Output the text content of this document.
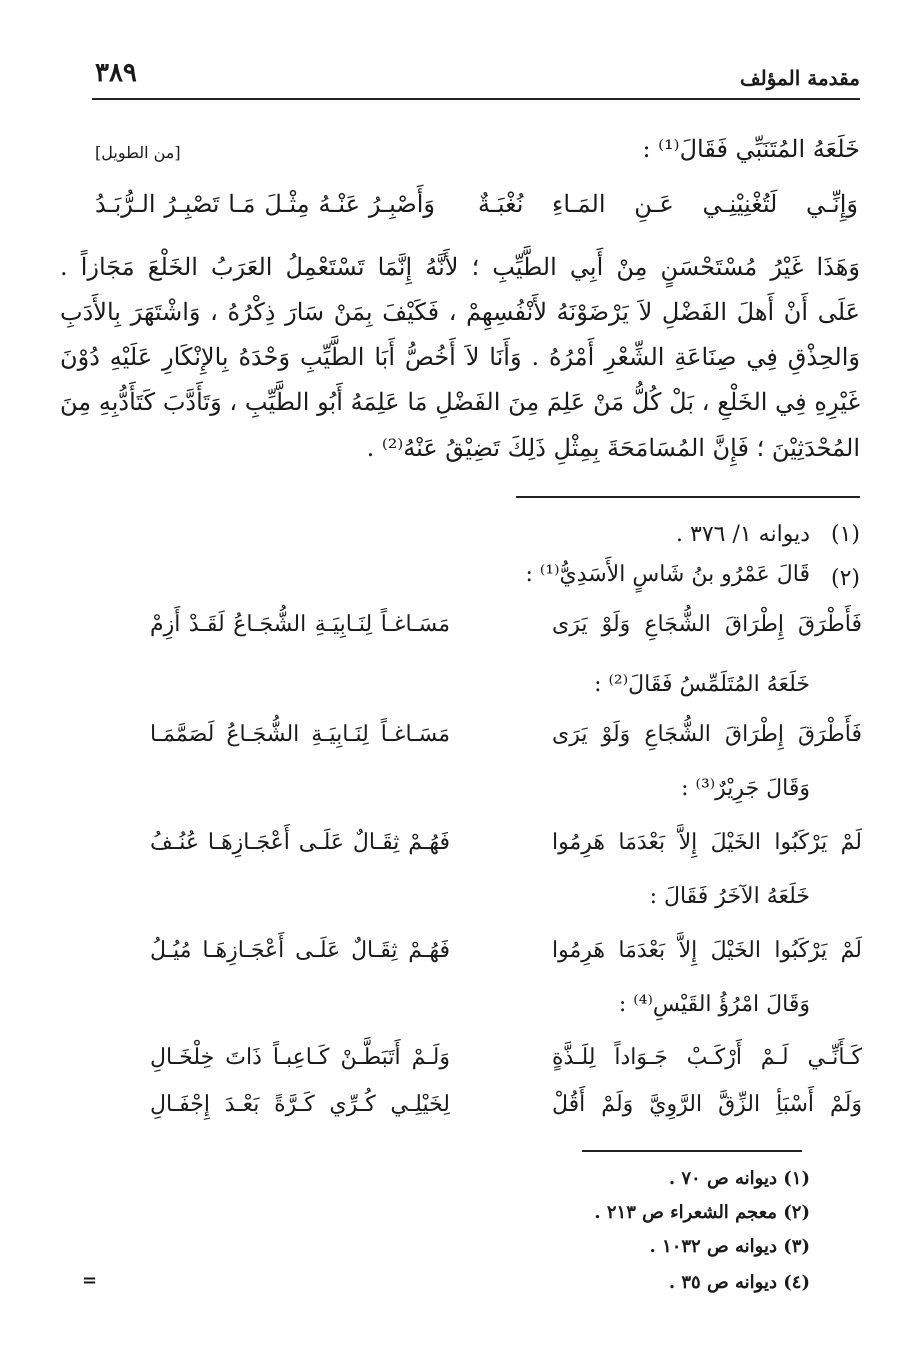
مقدمة المؤلف
٣٨٩
خَلَعَهُ المُتَنَبِّي فَقَالَ⁽¹⁾ :
[من الطويل]
وَإِنِّـي لَتُغْنِيْنِـي عَـنِ المَـاءِ نُغْبَـةٌ
وَأَصْبِـرُ عَنْـهُ مِثْـلَ مَـا تَصْبِـرُ الـرُّبَـدُ
وَهَذَا غَيْرُ مُسْتَحْسَنٍ مِنْ أَبِي الطَّيِّبِ ؛ لأَنَّهُ إِنَّمَا تَسْتَعْمِلُ العَرَبُ الخَلْعَ مَجَازاً .
عَلَى أَنْ أَهلَ الفَضْلِ لاَ يَرْضَوْنَهُ لأَنْفُسِهِمْ ، فَكَيْفَ بِمَنْ سَارَ ذِكْرُهُ ، وَاشْتَهَرَ بِالأَدَبِ
وَالحِذْقِ فِي صِنَاعَةِ الشِّعْرِ أَمْرُهُ . وَأَنَا لاَ أَخُصُّ أَبَا الطَّيِّبِ وَحْدَهُ بِالإِنْكَارِ عَلَيْهِ دُوْنَ
غَيْرِهِ فِي الخَلْعِ ، بَلْ كُلُّ مَنْ عَلِمَ مِنَ الفَضْلِ مَا عَلِمَهُ أَبُو الطَّيِّبِ ، وَتَأَدَّبَ كَتَأَدُّبِهِ مِنَ
المُحْدَثِيْنَ ؛ فَإِنَّ المُسَامَحَةَ بِمِثْلِ ذَلِكَ تَضِيْقُ عَنْهُ⁽²⁾ .
(١)
ديوانه ١/ ٣٧٦ .
(٢)
قَالَ عَمْرُو بنُ شَاسٍ الأَسَدِيُّ⁽¹⁾ :
فَأَطْرَقَ إِطْرَاقَ الشُّجَاعِ وَلَوْ يَرَى
مَسَـاغـاً لِنَـابِيَـةِ الشُّجَـاعُ لَقَـدْ أَزِمْ
خَلَعَهُ المُتَلَمِّسُ فَقَالَ⁽²⁾ :
فَأَطْرَقَ إِطْرَاقَ الشُّجَاعِ وَلَوْ يَرَى
مَسَـاغـاً لِنَـابِيَـةِ الشُّجَـاعُ لَصَمَّمَـا
وَقَالَ جَرِيْرٌ⁽³⁾ :
لَمْ يَرْكَبُوا الخَيْلَ إِلاَّ بَعْدَمَا هَرِمُوا
فَهُـمْ ثِقَـالٌ عَلَـى أَعْجَـازِهَـا عُنُـفُ
خَلَعَهُ الآخَرُ فَقَالَ :
لَمْ يَرْكَبُوا الخَيْلَ إِلاَّ بَعْدَمَا هَرِمُوا
فَهُـمْ ثِقَـالٌ عَلَـى أَعْجَـازِهَـا مُيُـلُ
وَقَالَ امْرُؤُ القَيْسِ⁽⁴⁾ :
كَـأَنِّـي لَـمْ أَرْكَـبْ جَـوَاداً لِلَـذَّةٍ
وَلَـمْ أَتَبَطَّـنْ كَـاعِبـاً ذَاتَ خِلْخَـالِ
وَلَمْ أَسْبَأِ الزِّقَّ الرَّوِيَّ وَلَمْ أَقُلْ
لِخَيْلِـي كُـرِّي كَـرَّةً بَعْـدَ إِجْفَـالِ
(١) ديوانه ص ٧٠ .
(٢) معجم الشعراء ص ٢١٣ .
(٣) ديوانه ص ١٠٣٢ .
(٤) ديوانه ص ٣٥ .
=
